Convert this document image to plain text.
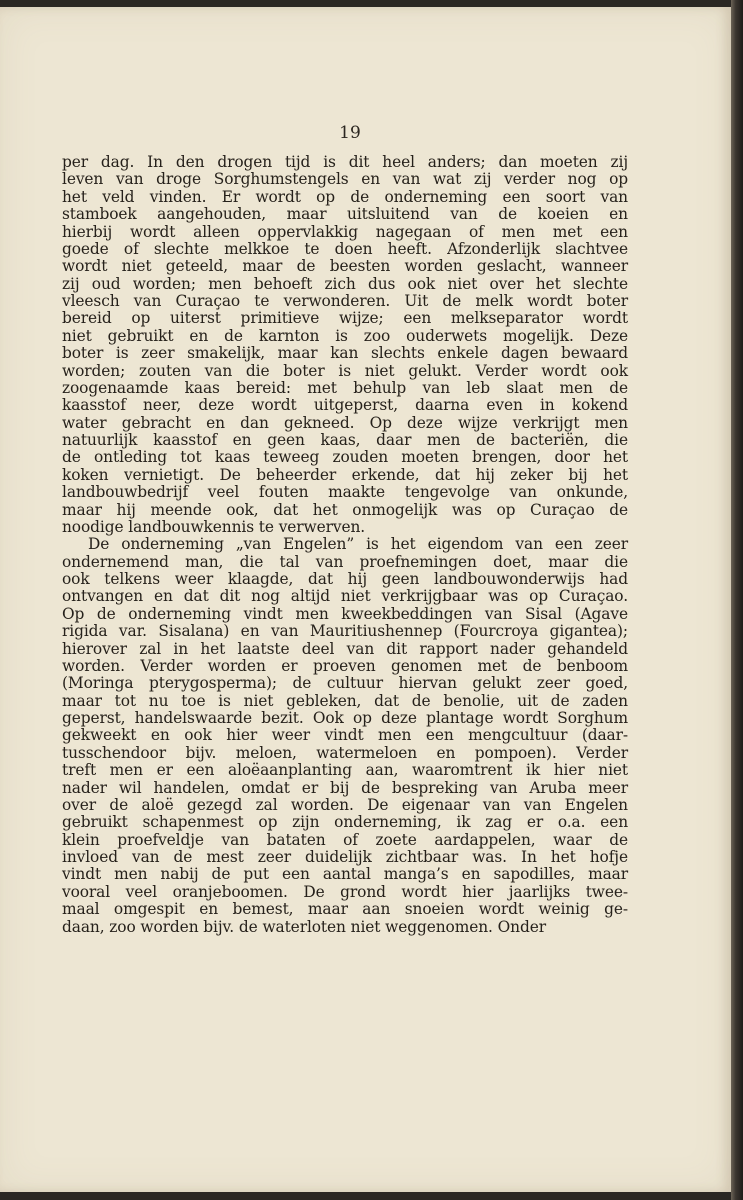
19
per dag. In den drogen tijd is dit heel anders; dan moeten zij
leven van droge Sorghumstengels en van wat zij verder nog op
het veld vinden. Er wordt op de onderneming een soort van
stamboek aangehouden, maar uitsluitend van de koeien en
hierbij wordt alleen oppervlakkig nagegaan of men met een
goede of slechte melkkoe te doen heeft. Afzonderlijk slachtvee
wordt niet geteeld, maar de beesten worden geslacht, wanneer
zij oud worden; men behoeft zich dus ook niet over het slechte
vleesch van Curaçao te verwonderen. Uit de melk wordt boter
bereid op uiterst primitieve wijze; een melkseparator wordt
niet gebruikt en de karnton is zoo ouderwets mogelijk. Deze
boter is zeer smakelijk, maar kan slechts enkele dagen bewaard
worden; zouten van die boter is niet gelukt. Verder wordt ook
zoogenaamde kaas bereid: met behulp van leb slaat men de
kaasstof neer, deze wordt uitgeperst, daarna even in kokend
water gebracht en dan gekneed. Op deze wijze verkrijgt men
natuurlijk kaasstof en geen kaas, daar men de bacteriën, die
de ontleding tot kaas teweeg zouden moeten brengen, door het
koken vernietigt. De beheerder erkende, dat hij zeker bij het
landbouwbedrijf veel fouten maakte tengevolge van onkunde,
maar hij meende ook, dat het onmogelijk was op Curaçao de
noodige landbouwkennis te verwerven.
De onderneming „van Engelen” is het eigendom van een zeer
ondernemend man, die tal van proefnemingen doet, maar die
ook telkens weer klaagde, dat hij geen landbouwonderwijs had
ontvangen en dat dit nog altijd niet verkrijgbaar was op Curaçao.
Op de onderneming vindt men kweekbeddingen van Sisal (Agave
rigida var. Sisalana) en van Mauritiushennep (Fourcroya gigantea);
hierover zal in het laatste deel van dit rapport nader gehandeld
worden. Verder worden er proeven genomen met de benboom
(Moringa pterygosperma); de cultuur hiervan gelukt zeer goed,
maar tot nu toe is niet gebleken, dat de benolie, uit de zaden
geperst, handelswaarde bezit. Ook op deze plantage wordt Sorghum
gekweekt en ook hier weer vindt men een mengcultuur (daar-
tusschendoor bijv. meloen, watermeloen en pompoen). Verder
treft men er een aloëaanplanting aan, waaromtrent ik hier niet
nader wil handelen, omdat er bij de bespreking van Aruba meer
over de aloë gezegd zal worden. De eigenaar van van Engelen
gebruikt schapenmest op zijn onderneming, ik zag er o.a. een
klein proefveldje van bataten of zoete aardappelen, waar de
invloed van de mest zeer duidelijk zichtbaar was. In het hofje
vindt men nabij de put een aantal manga’s en sapodilles, maar
vooral veel oranjeboomen. De grond wordt hier jaarlijks twee-
maal omgespit en bemest, maar aan snoeien wordt weinig ge-
daan, zoo worden bijv. de waterloten niet weggenomen. Onder
